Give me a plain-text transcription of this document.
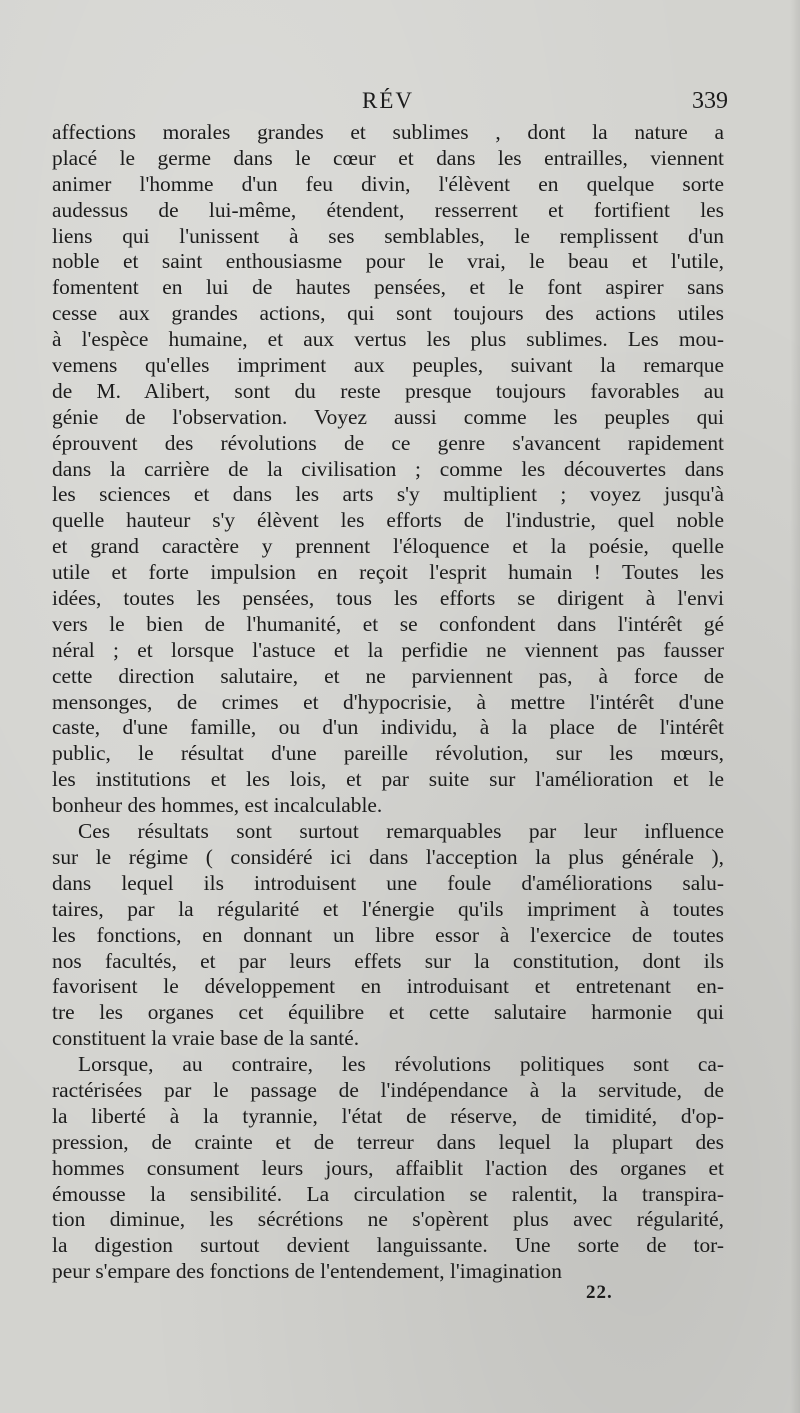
RÉV	339
affections morales grandes et sublimes , dont la nature a
placé le germe dans le cœur et dans les entrailles, viennent
animer l'homme d'un feu divin, l'élèvent en quelque sorte
audessus de lui-même, étendent, resserrent et fortifient les
liens qui l'unissent à ses semblables, le remplissent d'un
noble et saint enthousiasme pour le vrai, le beau et l'utile,
fomentent en lui de hautes pensées, et le font aspirer sans
cesse aux grandes actions, qui sont toujours des actions utiles
à l'espèce humaine, et aux vertus les plus sublimes. Les mou-
vemens qu'elles impriment aux peuples, suivant la remarque
de M. Alibert, sont du reste presque toujours favorables au
génie de l'observation. Voyez aussi comme les peuples qui
éprouvent des révolutions de ce genre s'avancent rapidement
dans la carrière de la civilisation ; comme les découvertes dans
les sciences et dans les arts s'y multiplient ; voyez jusqu'à
quelle hauteur s'y élèvent les efforts de l'industrie, quel noble
et grand caractère y prennent l'éloquence et la poésie, quelle
utile et forte impulsion en reçoit l'esprit humain ! Toutes les
idées, toutes les pensées, tous les efforts se dirigent à l'envi
vers le bien de l'humanité, et se confondent dans l'intérêt gé
néral ; et lorsque l'astuce et la perfidie ne viennent pas fausser
cette direction salutaire, et ne parviennent pas, à force de
mensonges, de crimes et d'hypocrisie, à mettre l'intérêt d'une
caste, d'une famille, ou d'un individu, à la place de l'intérêt
public, le résultat d'une pareille révolution, sur les mœurs,
les institutions et les lois, et par suite sur l'amélioration et le
bonheur des hommes, est incalculable.
Ces résultats sont surtout remarquables par leur influence
sur le régime ( considéré ici dans l'acception la plus générale ),
dans lequel ils introduisent une foule d'améliorations salu-
taires, par la régularité et l'énergie qu'ils impriment à toutes
les fonctions, en donnant un libre essor à l'exercice de toutes
nos facultés, et par leurs effets sur la constitution, dont ils
favorisent le développement en introduisant et entretenant en-
tre les organes cet équilibre et cette salutaire harmonie qui
constituent la vraie base de la santé.
Lorsque, au contraire, les révolutions politiques sont ca-
ractérisées par le passage de l'indépendance à la servitude, de
la liberté à la tyrannie, l'état de réserve, de timidité, d'op-
pression, de crainte et de terreur dans lequel la plupart des
hommes consument leurs jours, affaiblit l'action des organes et
émousse la sensibilité. La circulation se ralentit, la transpira-
tion diminue, les sécrétions ne s'opèrent plus avec régularité,
la digestion surtout devient languissante. Une sorte de tor-
peur s'empare des fonctions de l'entendement, l'imagination
22.
